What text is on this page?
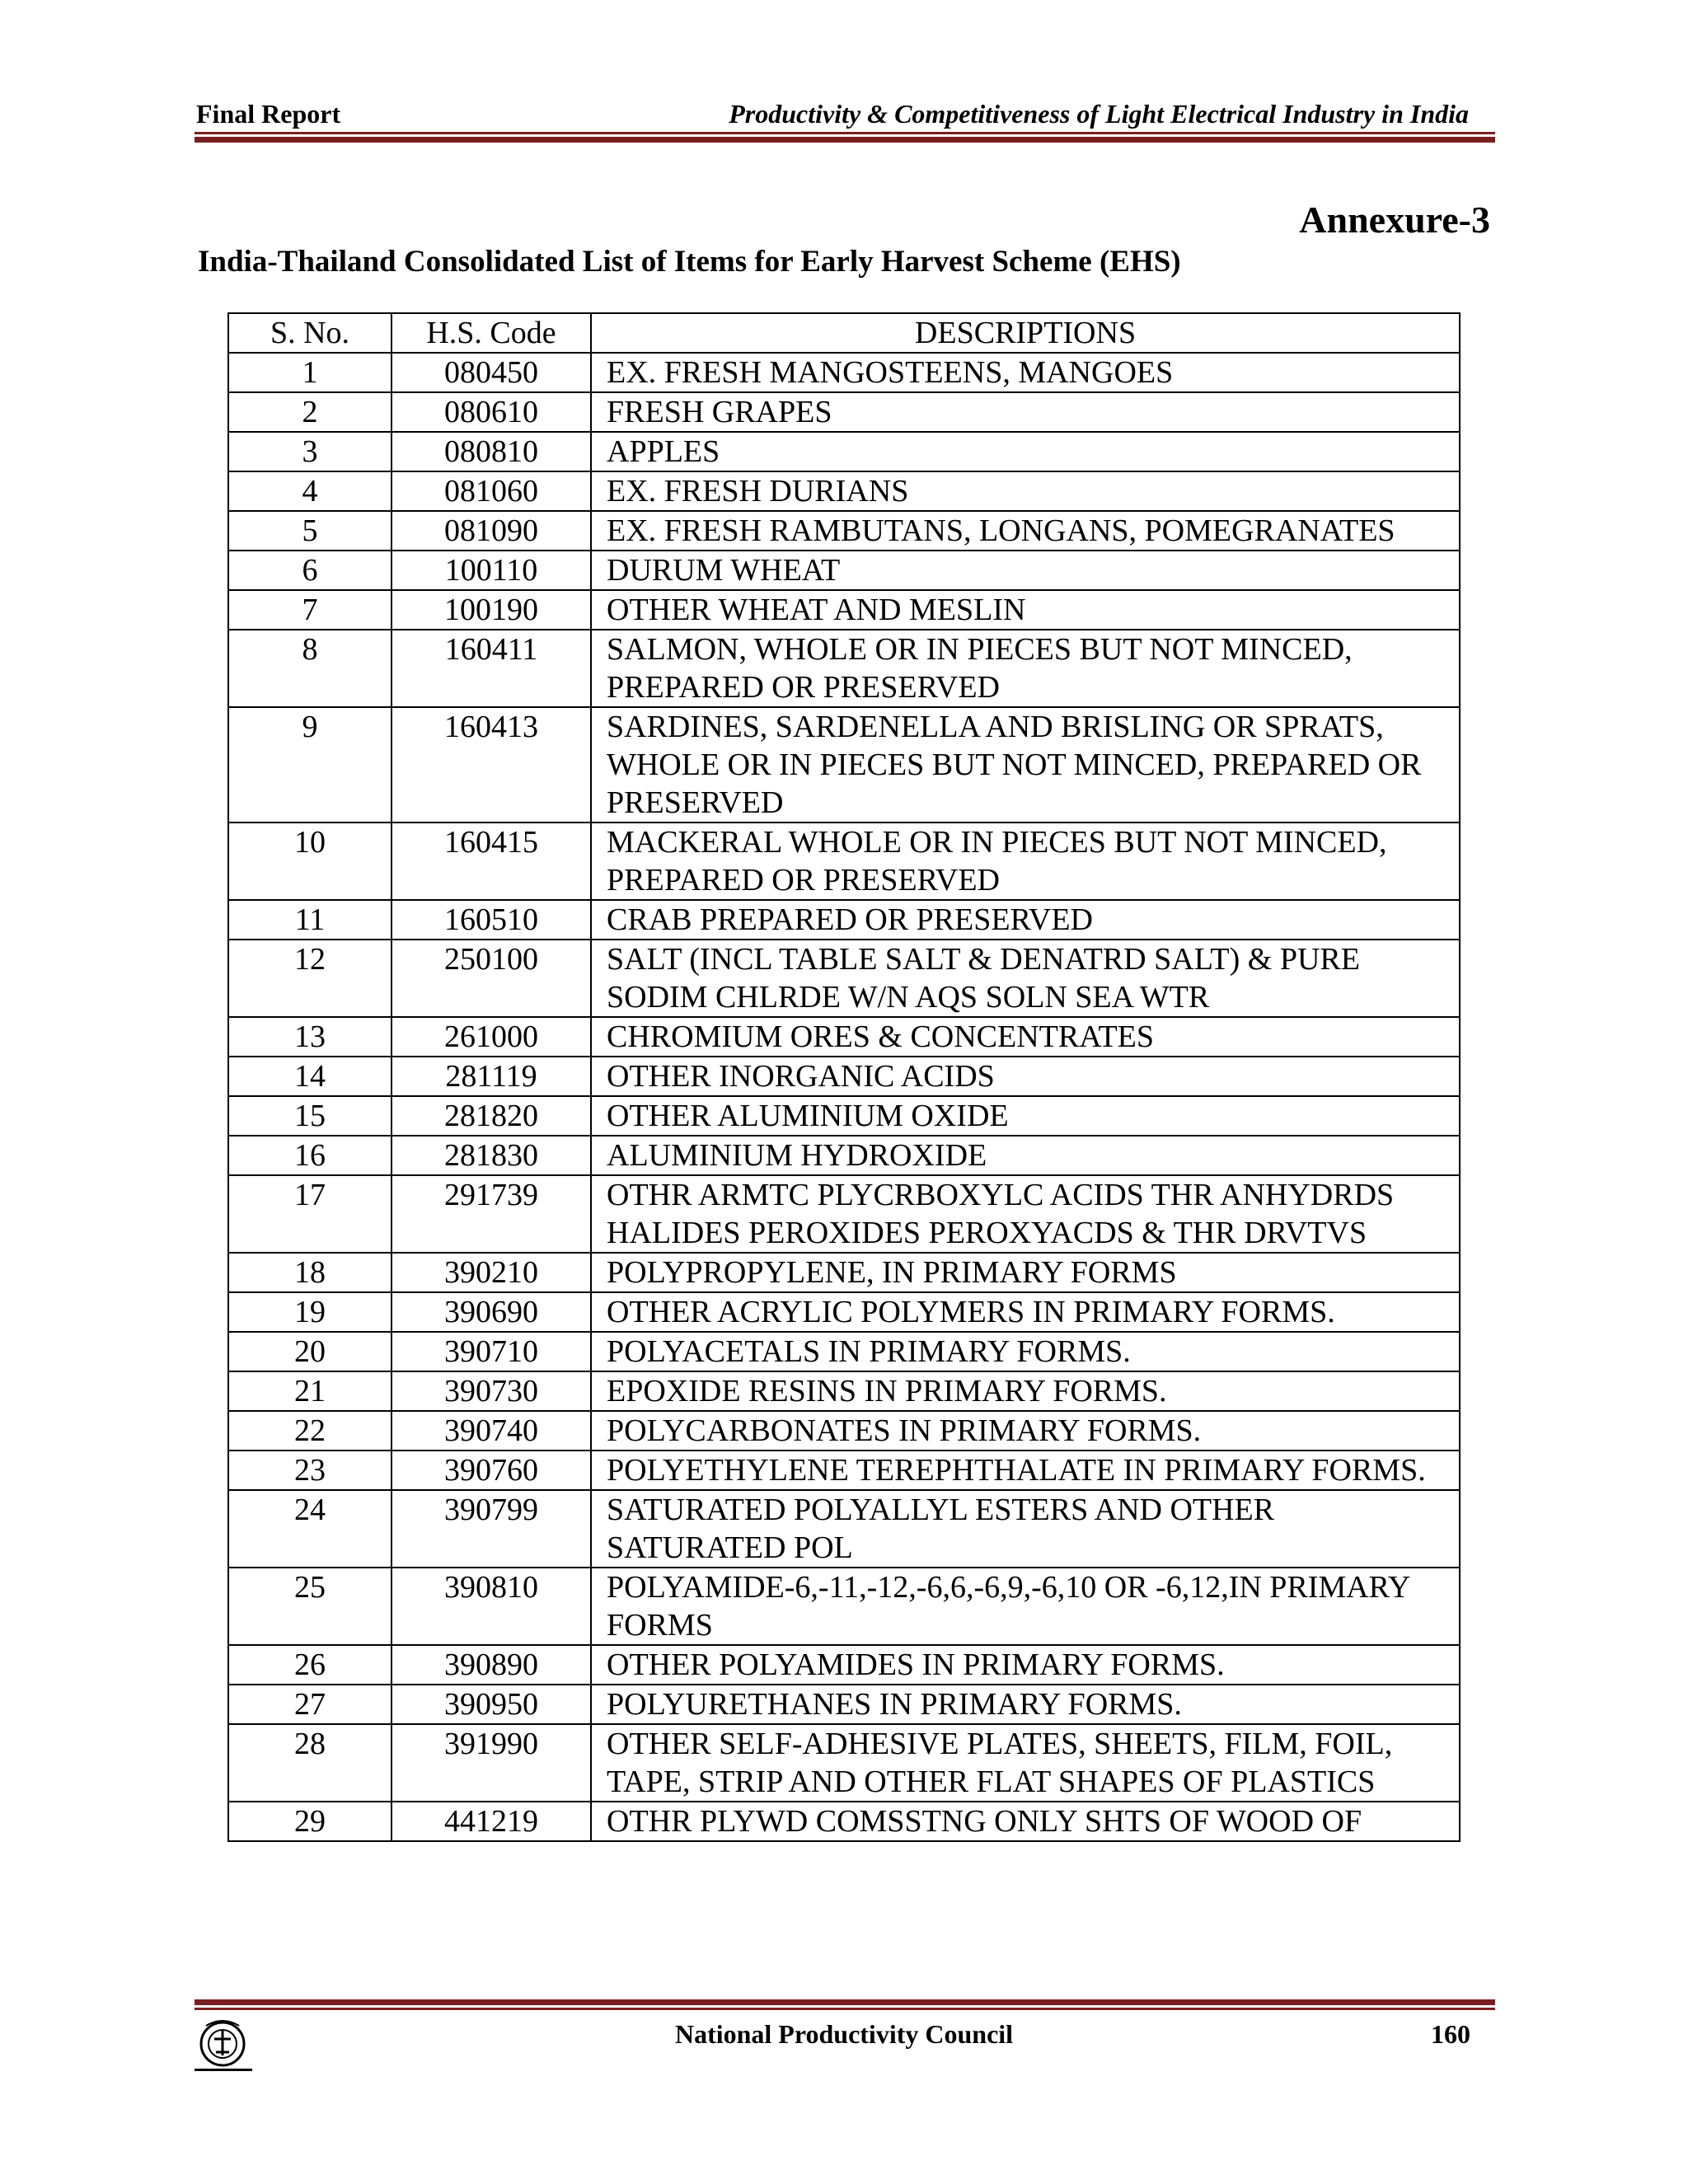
Final Report	Productivity & Competitiveness of Light Electrical Industry in India
Annexure-3
India-Thailand Consolidated List of Items for Early Harvest Scheme (EHS)
S. No.	H.S. Code	DESCRIPTIONS
1	080450	EX. FRESH MANGOSTEENS, MANGOES
2	080610	FRESH GRAPES
3	080810	APPLES
4	081060	EX. FRESH DURIANS
5	081090	EX. FRESH RAMBUTANS, LONGANS, POMEGRANATES
6	100110	DURUM WHEAT
7	100190	OTHER WHEAT AND MESLIN
8	160411	SALMON, WHOLE OR IN PIECES BUT NOT MINCED, PREPARED OR PRESERVED
9	160413	SARDINES, SARDENELLA AND BRISLING OR SPRATS, WHOLE OR IN PIECES BUT NOT MINCED, PREPARED OR PRESERVED
10	160415	MACKERAL WHOLE OR IN PIECES BUT NOT MINCED, PREPARED OR PRESERVED
11	160510	CRAB PREPARED OR PRESERVED
12	250100	SALT (INCL TABLE SALT & DENATRD SALT) & PURE SODIM CHLRDE W/N AQS SOLN SEA WTR
13	261000	CHROMIUM ORES & CONCENTRATES
14	281119	OTHER INORGANIC ACIDS
15	281820	OTHER ALUMINIUM OXIDE
16	281830	ALUMINIUM HYDROXIDE
17	291739	OTHR ARMTC PLYCRBOXYLC ACIDS THR ANHYDRDS HALIDES PEROXIDES PEROXYACDS & THR DRVTVS
18	390210	POLYPROPYLENE, IN PRIMARY FORMS
19	390690	OTHER ACRYLIC POLYMERS IN PRIMARY FORMS.
20	390710	POLYACETALS IN PRIMARY FORMS.
21	390730	EPOXIDE RESINS IN PRIMARY FORMS.
22	390740	POLYCARBONATES IN PRIMARY FORMS.
23	390760	POLYETHYLENE TEREPHTHALATE IN PRIMARY FORMS.
24	390799	SATURATED POLYALLYL ESTERS AND OTHER SATURATED POL
25	390810	POLYAMIDE-6,-11,-12,-6,6,-6,9,-6,10 OR -6,12,IN PRIMARY FORMS
26	390890	OTHER POLYAMIDES IN PRIMARY FORMS.
27	390950	POLYURETHANES IN PRIMARY FORMS.
28	391990	OTHER SELF-ADHESIVE PLATES, SHEETS, FILM, FOIL, TAPE, STRIP AND OTHER FLAT SHAPES OF PLASTICS
29	441219	OTHR PLYWD COMSSTNG ONLY SHTS OF WOOD OF
National Productivity Council	160
